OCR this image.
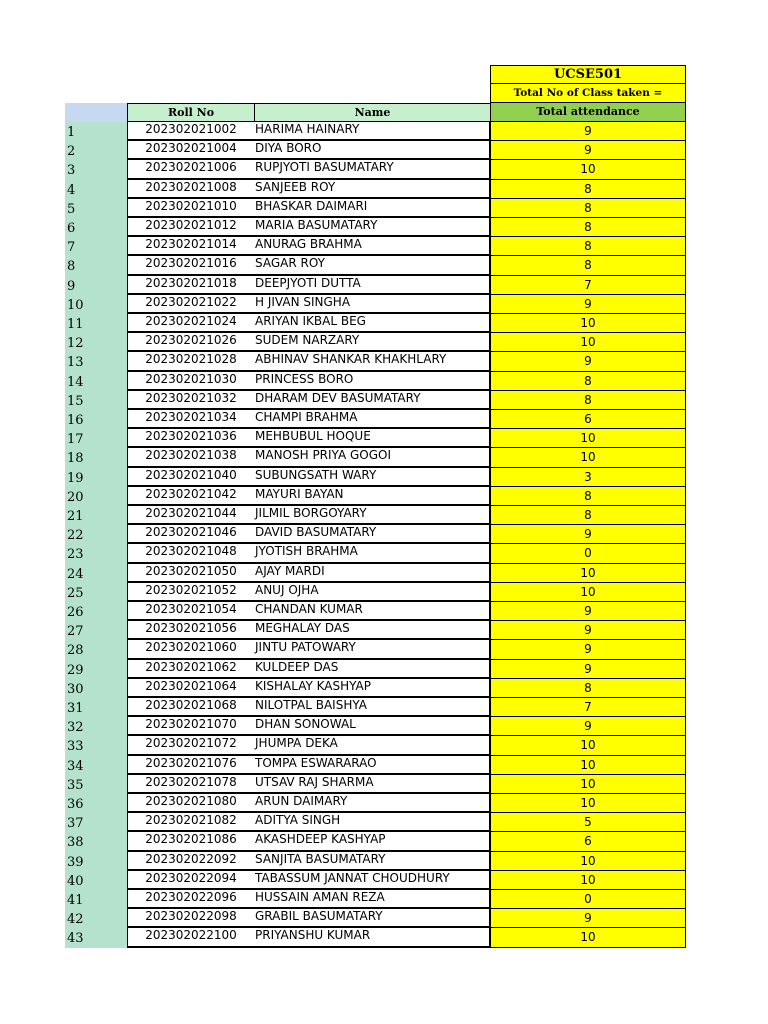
UCSE501
Total No of Class taken =
Roll No	Name	Total attendance
1	202302021002	HARIMA HAINARY	9
2	202302021004	DIYA BORO	9
3	202302021006	RUPJYOTI BASUMATARY	10
4	202302021008	SANJEEB ROY	8
5	202302021010	BHASKAR DAIMARI	8
6	202302021012	MARIA BASUMATARY	8
7	202302021014	ANURAG BRAHMA	8
8	202302021016	SAGAR ROY	8
9	202302021018	DEEPJYOTI DUTTA	7
10	202302021022	H JIVAN SINGHA	9
11	202302021024	ARIYAN IKBAL BEG	10
12	202302021026	SUDEM NARZARY	10
13	202302021028	ABHINAV SHANKAR KHAKHLARY	9
14	202302021030	PRINCESS BORO	8
15	202302021032	DHARAM DEV BASUMATARY	8
16	202302021034	CHAMPI BRAHMA	6
17	202302021036	MEHBUBUL HOQUE	10
18	202302021038	MANOSH PRIYA GOGOI	10
19	202302021040	SUBUNGSATH WARY	3
20	202302021042	MAYURI BAYAN	8
21	202302021044	JILMIL BORGOYARY	8
22	202302021046	DAVID BASUMATARY	9
23	202302021048	JYOTISH BRAHMA	0
24	202302021050	AJAY MARDI	10
25	202302021052	ANUJ OJHA	10
26	202302021054	CHANDAN KUMAR	9
27	202302021056	MEGHALAY DAS	9
28	202302021060	JINTU PATOWARY	9
29	202302021062	KULDEEP DAS	9
30	202302021064	KISHALAY KASHYAP	8
31	202302021068	NILOTPAL BAISHYA	7
32	202302021070	DHAN SONOWAL	9
33	202302021072	JHUMPA DEKA	10
34	202302021076	TOMPA ESWARARAO	10
35	202302021078	UTSAV RAJ SHARMA	10
36	202302021080	ARUN DAIMARY	10
37	202302021082	ADITYA SINGH	5
38	202302021086	AKASHDEEP KASHYAP	6
39	202302022092	SANJITA BASUMATARY	10
40	202302022094	TABASSUM JANNAT CHOUDHURY	10
41	202302022096	HUSSAIN AMAN REZA	0
42	202302022098	GRABIL BASUMATARY	9
43	202302022100	PRIYANSHU KUMAR	10
